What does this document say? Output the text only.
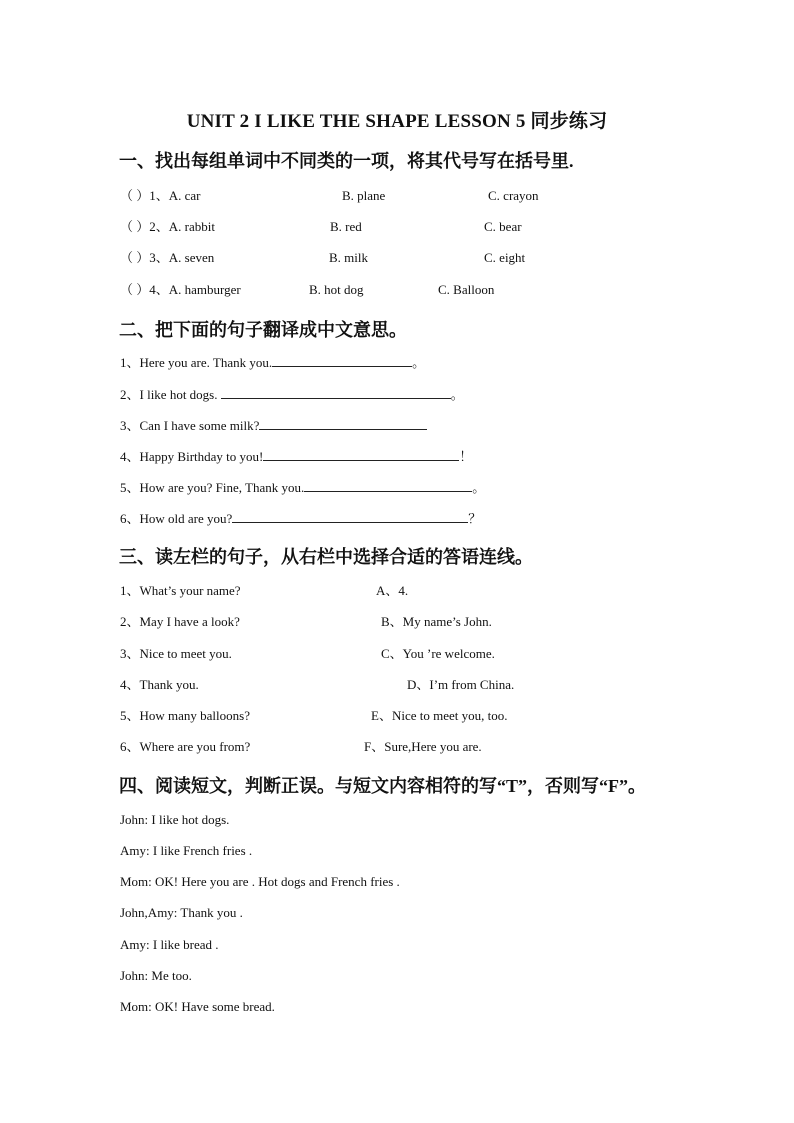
UNIT 2 I LIKE THE SHAPE LESSON 5 同步练习
一、找出每组单词中不同类的一项，将其代号写在括号里.
（ ）1、A. car	B. plane	C. crayon
（ ）2、A. rabbit	B. red	C. bear
（ ）3、A. seven	B. milk	C. eight
（ ）4、A. hamburger	B. hot dog	C. Balloon
二、把下面的句子翻译成中文意思。
1、Here you are. Thank you.	。
2、I like hot dogs.	。
3、Can I have some milk?
4、Happy Birthday to you!	！
5、How are you? Fine, Thank you.	。
6、How old are you?	？
三、读左栏的句子，从右栏中选择合适的答语连线。
1、What’s your name?	A、4.
2、May I have a look?	B、My name’s John.
3、Nice to meet you.	C、You ’re welcome.
4、Thank you.	D、I’m from China.
5、How many balloons?	E、Nice to meet you, too.
6、Where are you from?	F、Sure,Here you are.
四、阅读短文，判断正误。与短文内容相符的写“T”，否则写“F”。
John: I like hot dogs.
Amy: I like French fries .
Mom: OK! Here you are . Hot dogs and French fries .
John,Amy: Thank you .
Amy: I like bread .
John: Me too.
Mom: OK! Have some bread.
